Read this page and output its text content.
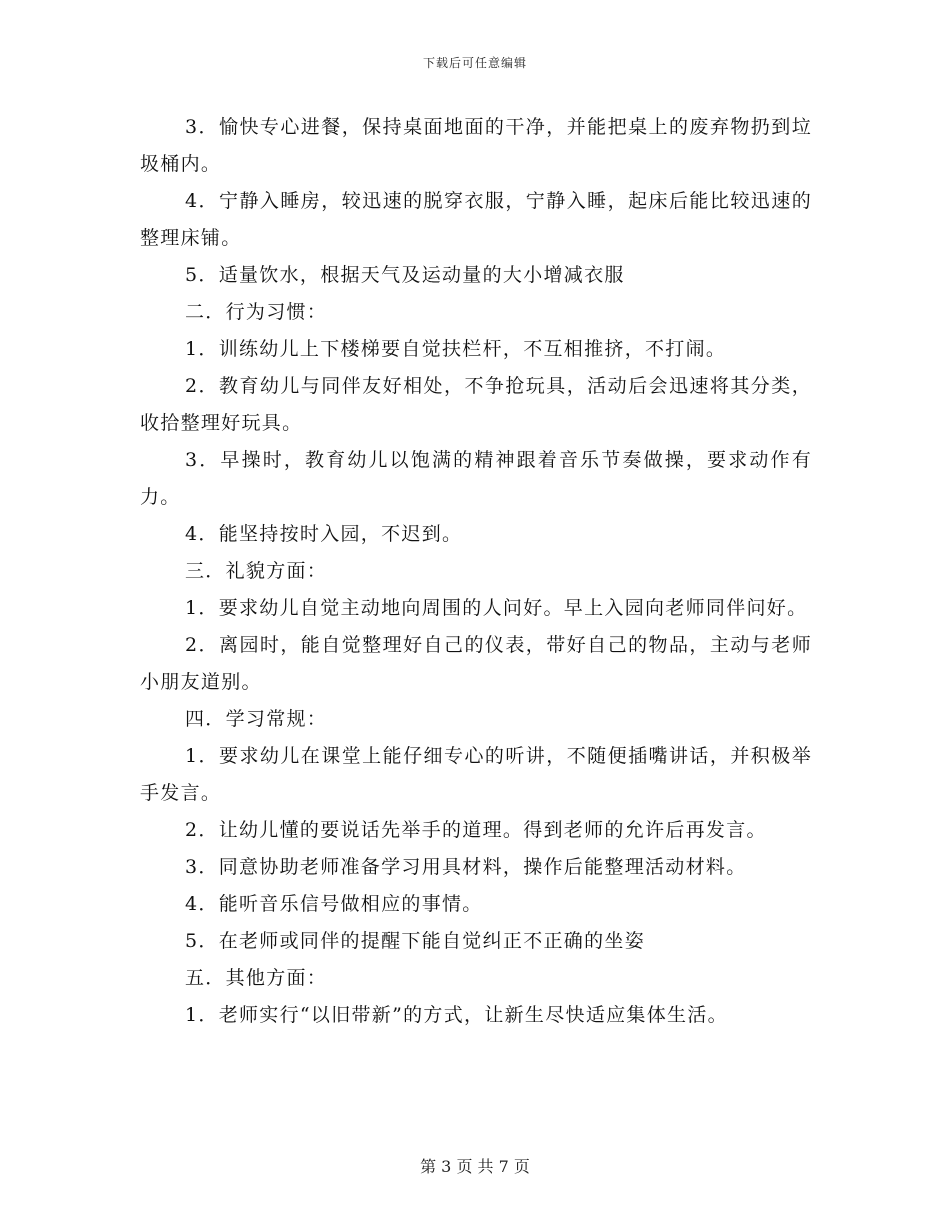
下载后可任意编辑

3．愉快专心进餐，保持桌面地面的干净，并能把桌上的废弃物扔到垃圾桶内。

4．宁静入睡房，较迅速的脱穿衣服，宁静入睡，起床后能比较迅速的整理床铺。

5．适量饮水，根据天气及运动量的大小增减衣服

二．行为习惯：

1．训练幼儿上下楼梯要自觉扶栏杆，不互相推挤，不打闹。

2．教育幼儿与同伴友好相处，不争抢玩具，活动后会迅速将其分类，收拾整理好玩具。

3．早操时，教育幼儿以饱满的精神跟着音乐节奏做操，要求动作有力。

4．能坚持按时入园，不迟到。

三．礼貌方面：

1．要求幼儿自觉主动地向周围的人问好。早上入园向老师同伴问好。

2．离园时，能自觉整理好自己的仪表，带好自己的物品，主动与老师小朋友道别。

四．学习常规：

1．要求幼儿在课堂上能仔细专心的听讲，不随便插嘴讲话，并积极举手发言。

2．让幼儿懂的要说话先举手的道理。得到老师的允许后再发言。

3．同意协助老师准备学习用具材料，操作后能整理活动材料。

4．能听音乐信号做相应的事情。

5．在老师或同伴的提醒下能自觉纠正不正确的坐姿

五．其他方面：

1．老师实行“以旧带新”的方式，让新生尽快适应集体生活。

第 3 页 共 7 页
